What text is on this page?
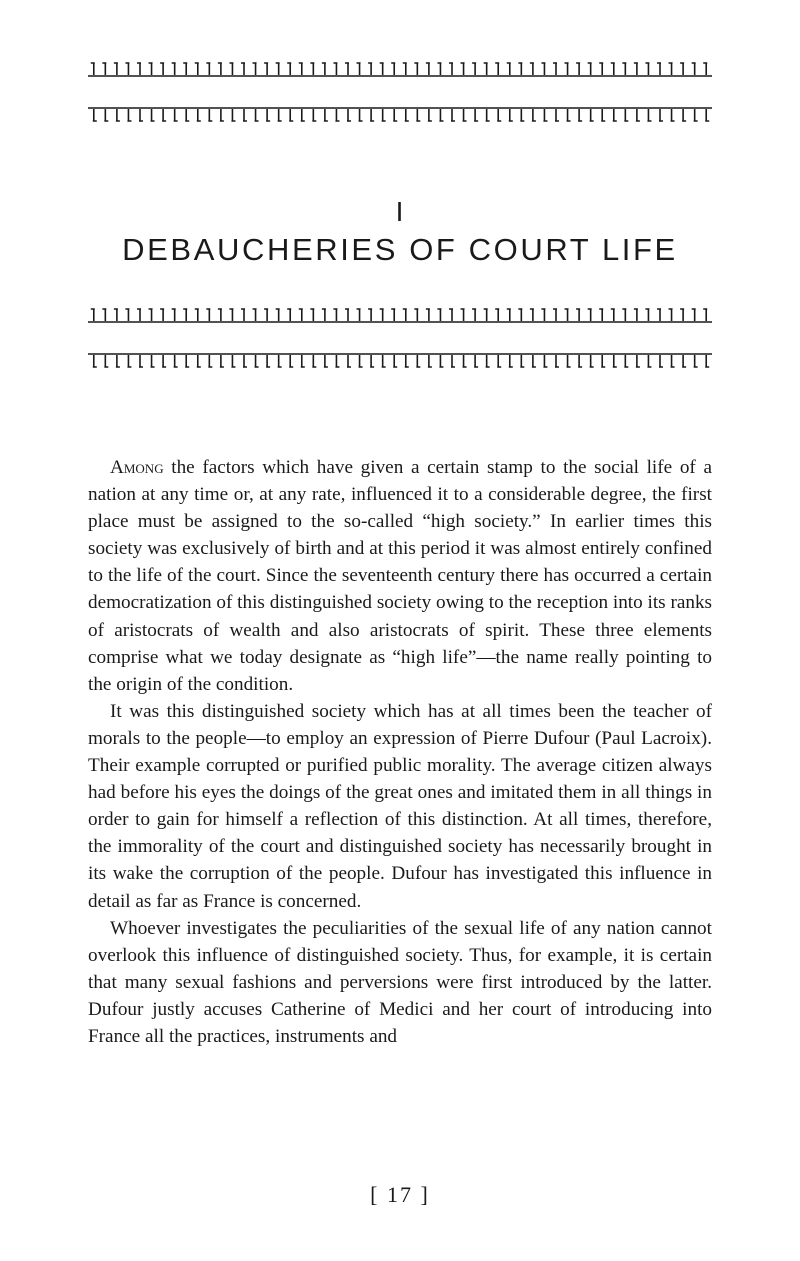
I
DEBAUCHERIES OF COURT LIFE

Among the factors which have given a certain stamp to the social life of a nation at any time or, at any rate, influenced it to a considerable degree, the first place must be assigned to the so-called “high society.” In earlier times this society was exclusively of birth and at this period it was almost entirely confined to the life of the court. Since the seventeenth century there has occurred a certain democratization of this distinguished society owing to the reception into its ranks of aristocrats of wealth and also aristocrats of spirit. These three elements comprise what we today designate as “high life”—the name really pointing to the origin of the condition.

It was this distinguished society which has at all times been the teacher of morals to the people—to employ an expression of Pierre Dufour (Paul Lacroix). Their example corrupted or purified public morality. The average citizen always had before his eyes the doings of the great ones and imitated them in all things in order to gain for himself a reflection of this distinction. At all times, therefore, the immorality of the court and distinguished society has necessarily brought in its wake the corruption of the people. Dufour has investigated this influence in detail as far as France is concerned.

Whoever investigates the peculiarities of the sexual life of any nation cannot overlook this influence of distinguished society. Thus, for example, it is certain that many sexual fashions and perversions were first introduced by the latter. Dufour justly accuses Catherine of Medici and her court of introducing into France all the practices, instruments and

[ 17 ]
